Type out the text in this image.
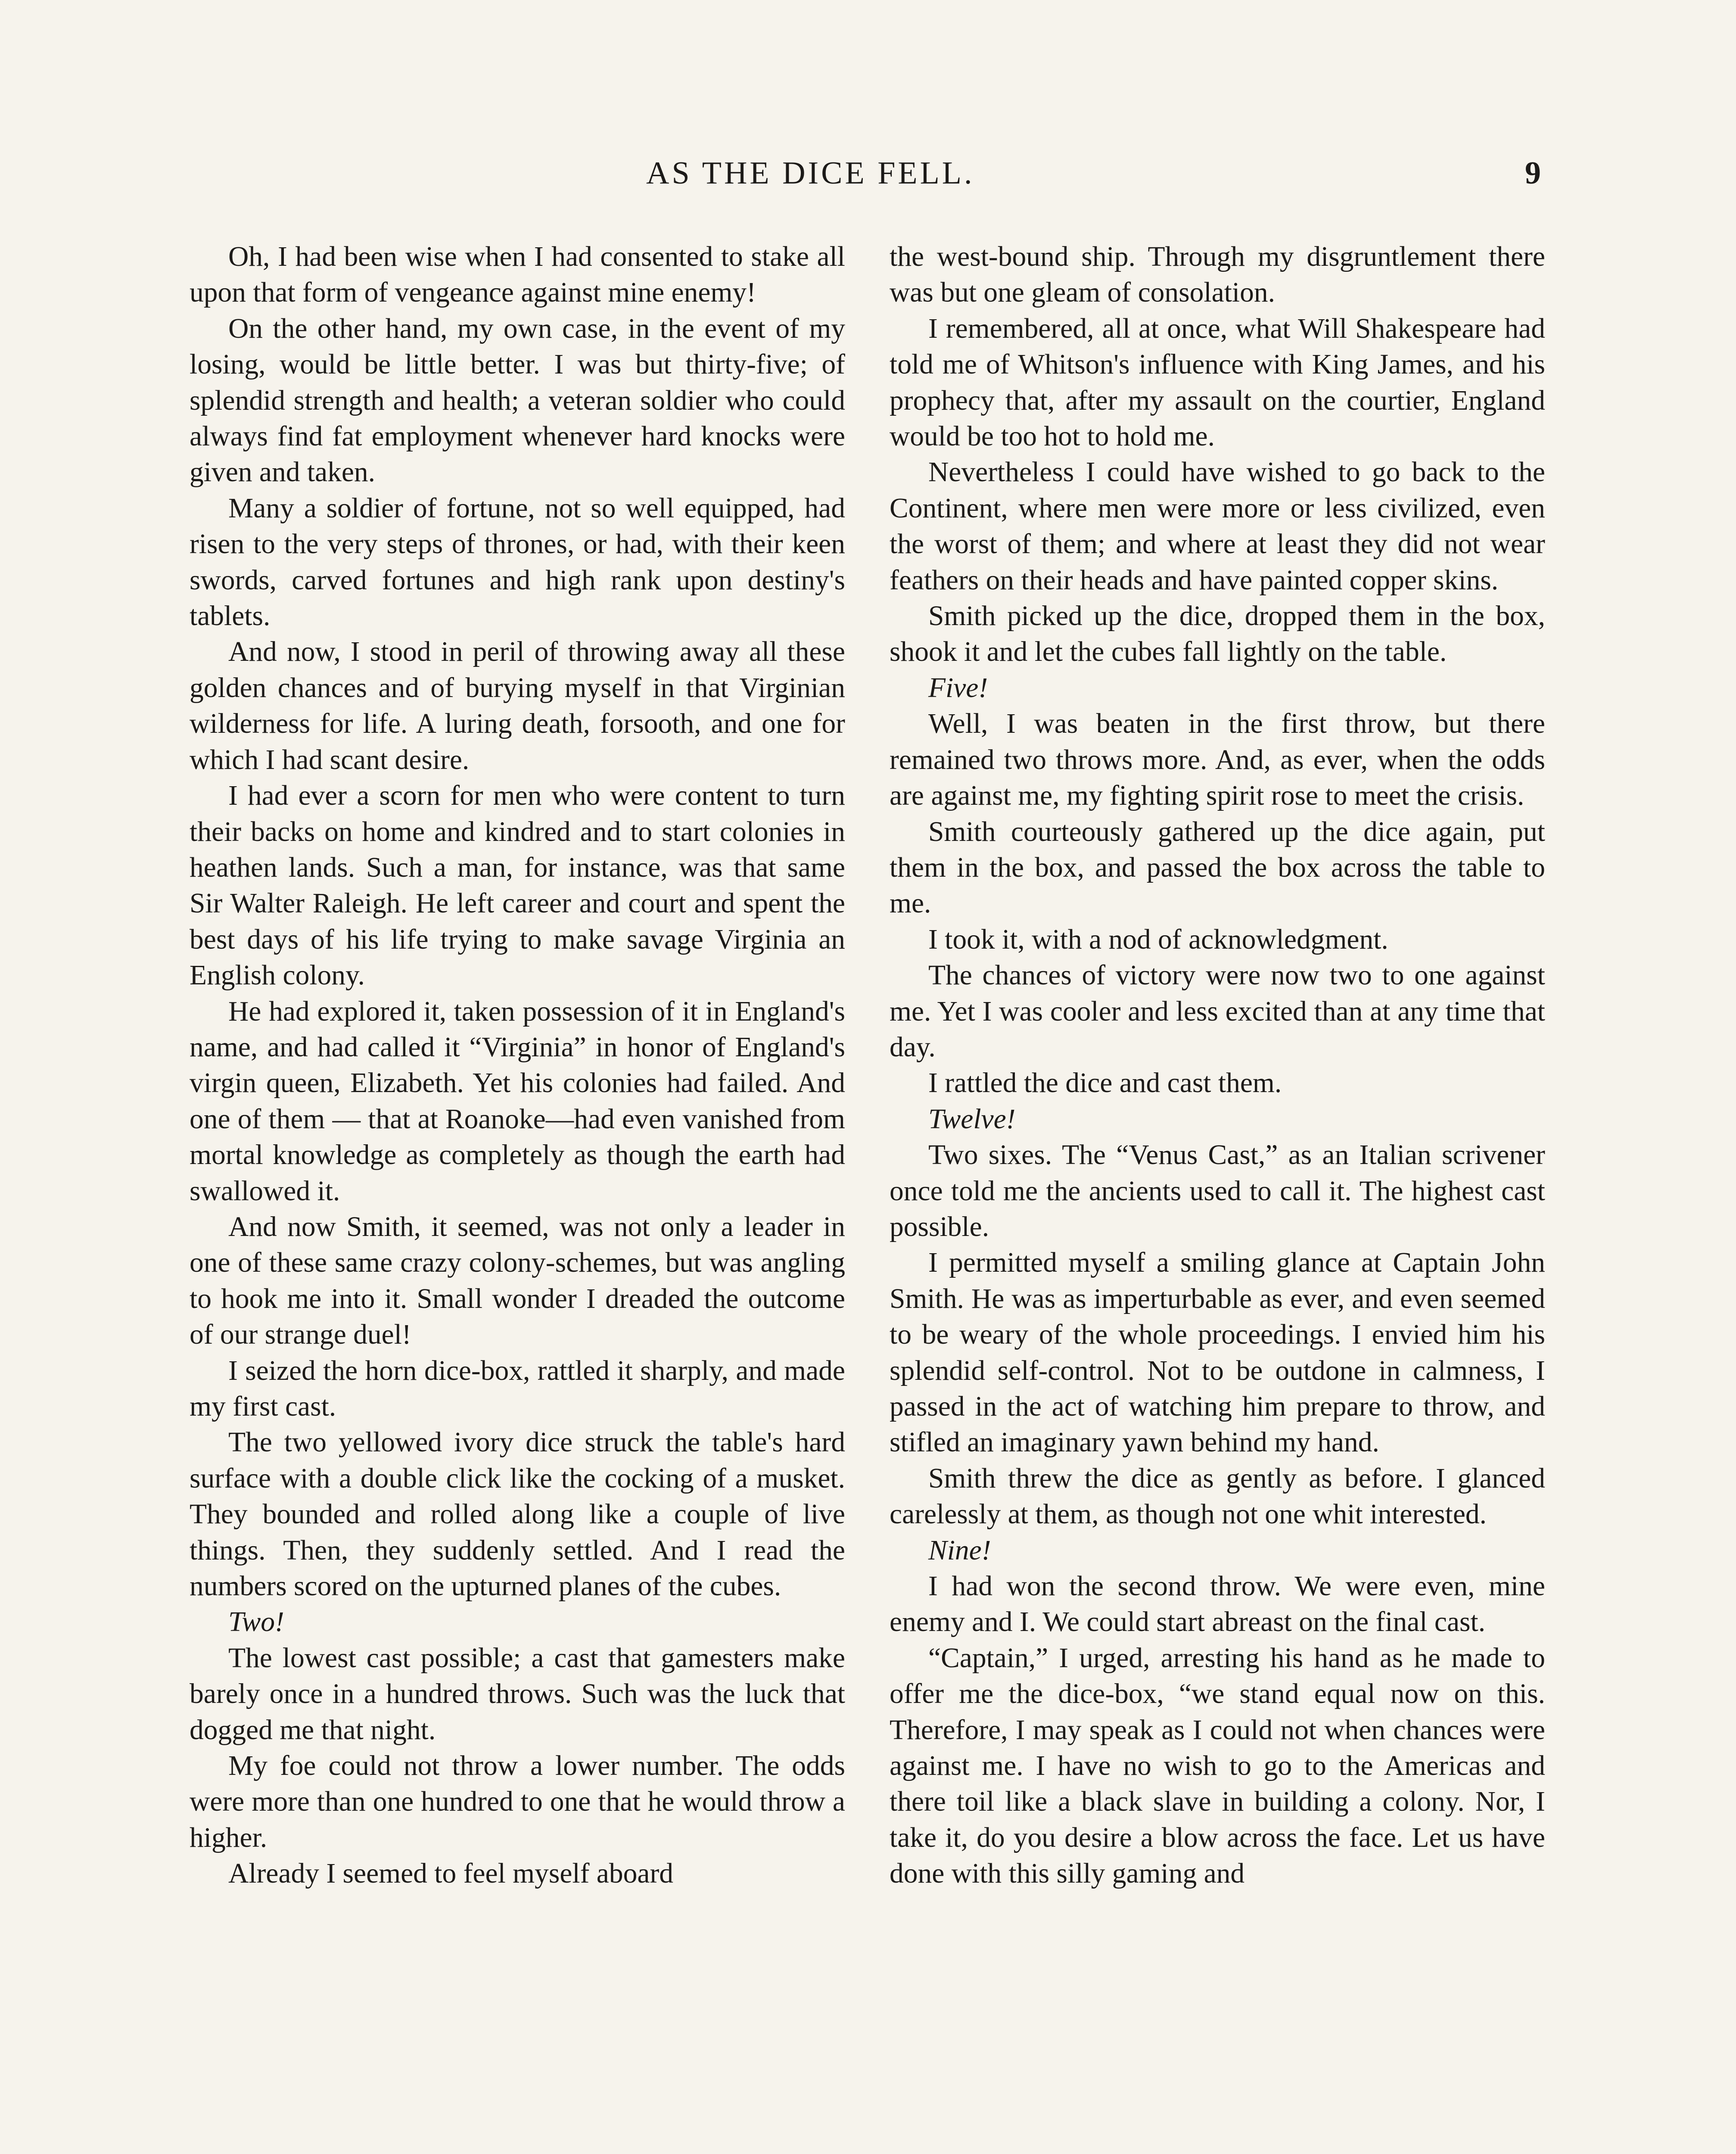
AS THE DICE FELL.	9

Oh, I had been wise when I had consented to stake all upon that form of vengeance against mine enemy!

On the other hand, my own case, in the event of my losing, would be little better. I was but thirty-five; of splendid strength and health; a veteran soldier who could always find fat employment whenever hard knocks were given and taken.

Many a soldier of fortune, not so well equipped, had risen to the very steps of thrones, or had, with their keen swords, carved fortunes and high rank upon destiny's tablets.

And now, I stood in peril of throwing away all these golden chances and of burying myself in that Virginian wilderness for life. A luring death, forsooth, and one for which I had scant desire.

I had ever a scorn for men who were content to turn their backs on home and kindred and to start colonies in heathen lands. Such a man, for instance, was that same Sir Walter Raleigh. He left career and court and spent the best days of his life trying to make savage Virginia an English colony.

He had explored it, taken possession of it in England's name, and had called it “Virginia” in honor of England's virgin queen, Elizabeth. Yet his colonies had failed. And one of them — that at Roanoke—had even vanished from mortal knowledge as completely as though the earth had swallowed it.

And now Smith, it seemed, was not only a leader in one of these same crazy colony-schemes, but was angling to hook me into it. Small wonder I dreaded the outcome of our strange duel!

I seized the horn dice-box, rattled it sharply, and made my first cast.

The two yellowed ivory dice struck the table's hard surface with a double click like the cocking of a musket. They bounded and rolled along like a couple of live things. Then, they suddenly settled. And I read the numbers scored on the upturned planes of the cubes.

Two!

The lowest cast possible; a cast that gamesters make barely once in a hundred throws. Such was the luck that dogged me that night.

My foe could not throw a lower number. The odds were more than one hundred to one that he would throw a higher.

Already I seemed to feel myself aboard

the west-bound ship. Through my disgruntlement there was but one gleam of consolation.

I remembered, all at once, what Will Shakespeare had told me of Whitson's influence with King James, and his prophecy that, after my assault on the courtier, England would be too hot to hold me.

Nevertheless I could have wished to go back to the Continent, where men were more or less civilized, even the worst of them; and where at least they did not wear feathers on their heads and have painted copper skins.

Smith picked up the dice, dropped them in the box, shook it and let the cubes fall lightly on the table.

Five!

Well, I was beaten in the first throw, but there remained two throws more. And, as ever, when the odds are against me, my fighting spirit rose to meet the crisis.

Smith courteously gathered up the dice again, put them in the box, and passed the box across the table to me.

I took it, with a nod of acknowledgment.

The chances of victory were now two to one against me. Yet I was cooler and less excited than at any time that day.

I rattled the dice and cast them.

Twelve!

Two sixes. The “Venus Cast,” as an Italian scrivener once told me the ancients used to call it. The highest cast possible.

I permitted myself a smiling glance at Captain John Smith. He was as imperturbable as ever, and even seemed to be weary of the whole proceedings. I envied him his splendid self-control. Not to be outdone in calmness, I passed in the act of watching him prepare to throw, and stifled an imaginary yawn behind my hand.

Smith threw the dice as gently as before. I glanced carelessly at them, as though not one whit interested.

Nine!

I had won the second throw. We were even, mine enemy and I. We could start abreast on the final cast.

“Captain,” I urged, arresting his hand as he made to offer me the dice-box, “we stand equal now on this. Therefore, I may speak as I could not when chances were against me. I have no wish to go to the Americas and there toil like a black slave in building a colony. Nor, I take it, do you desire a blow across the face. Let us have done with this silly gaming and
